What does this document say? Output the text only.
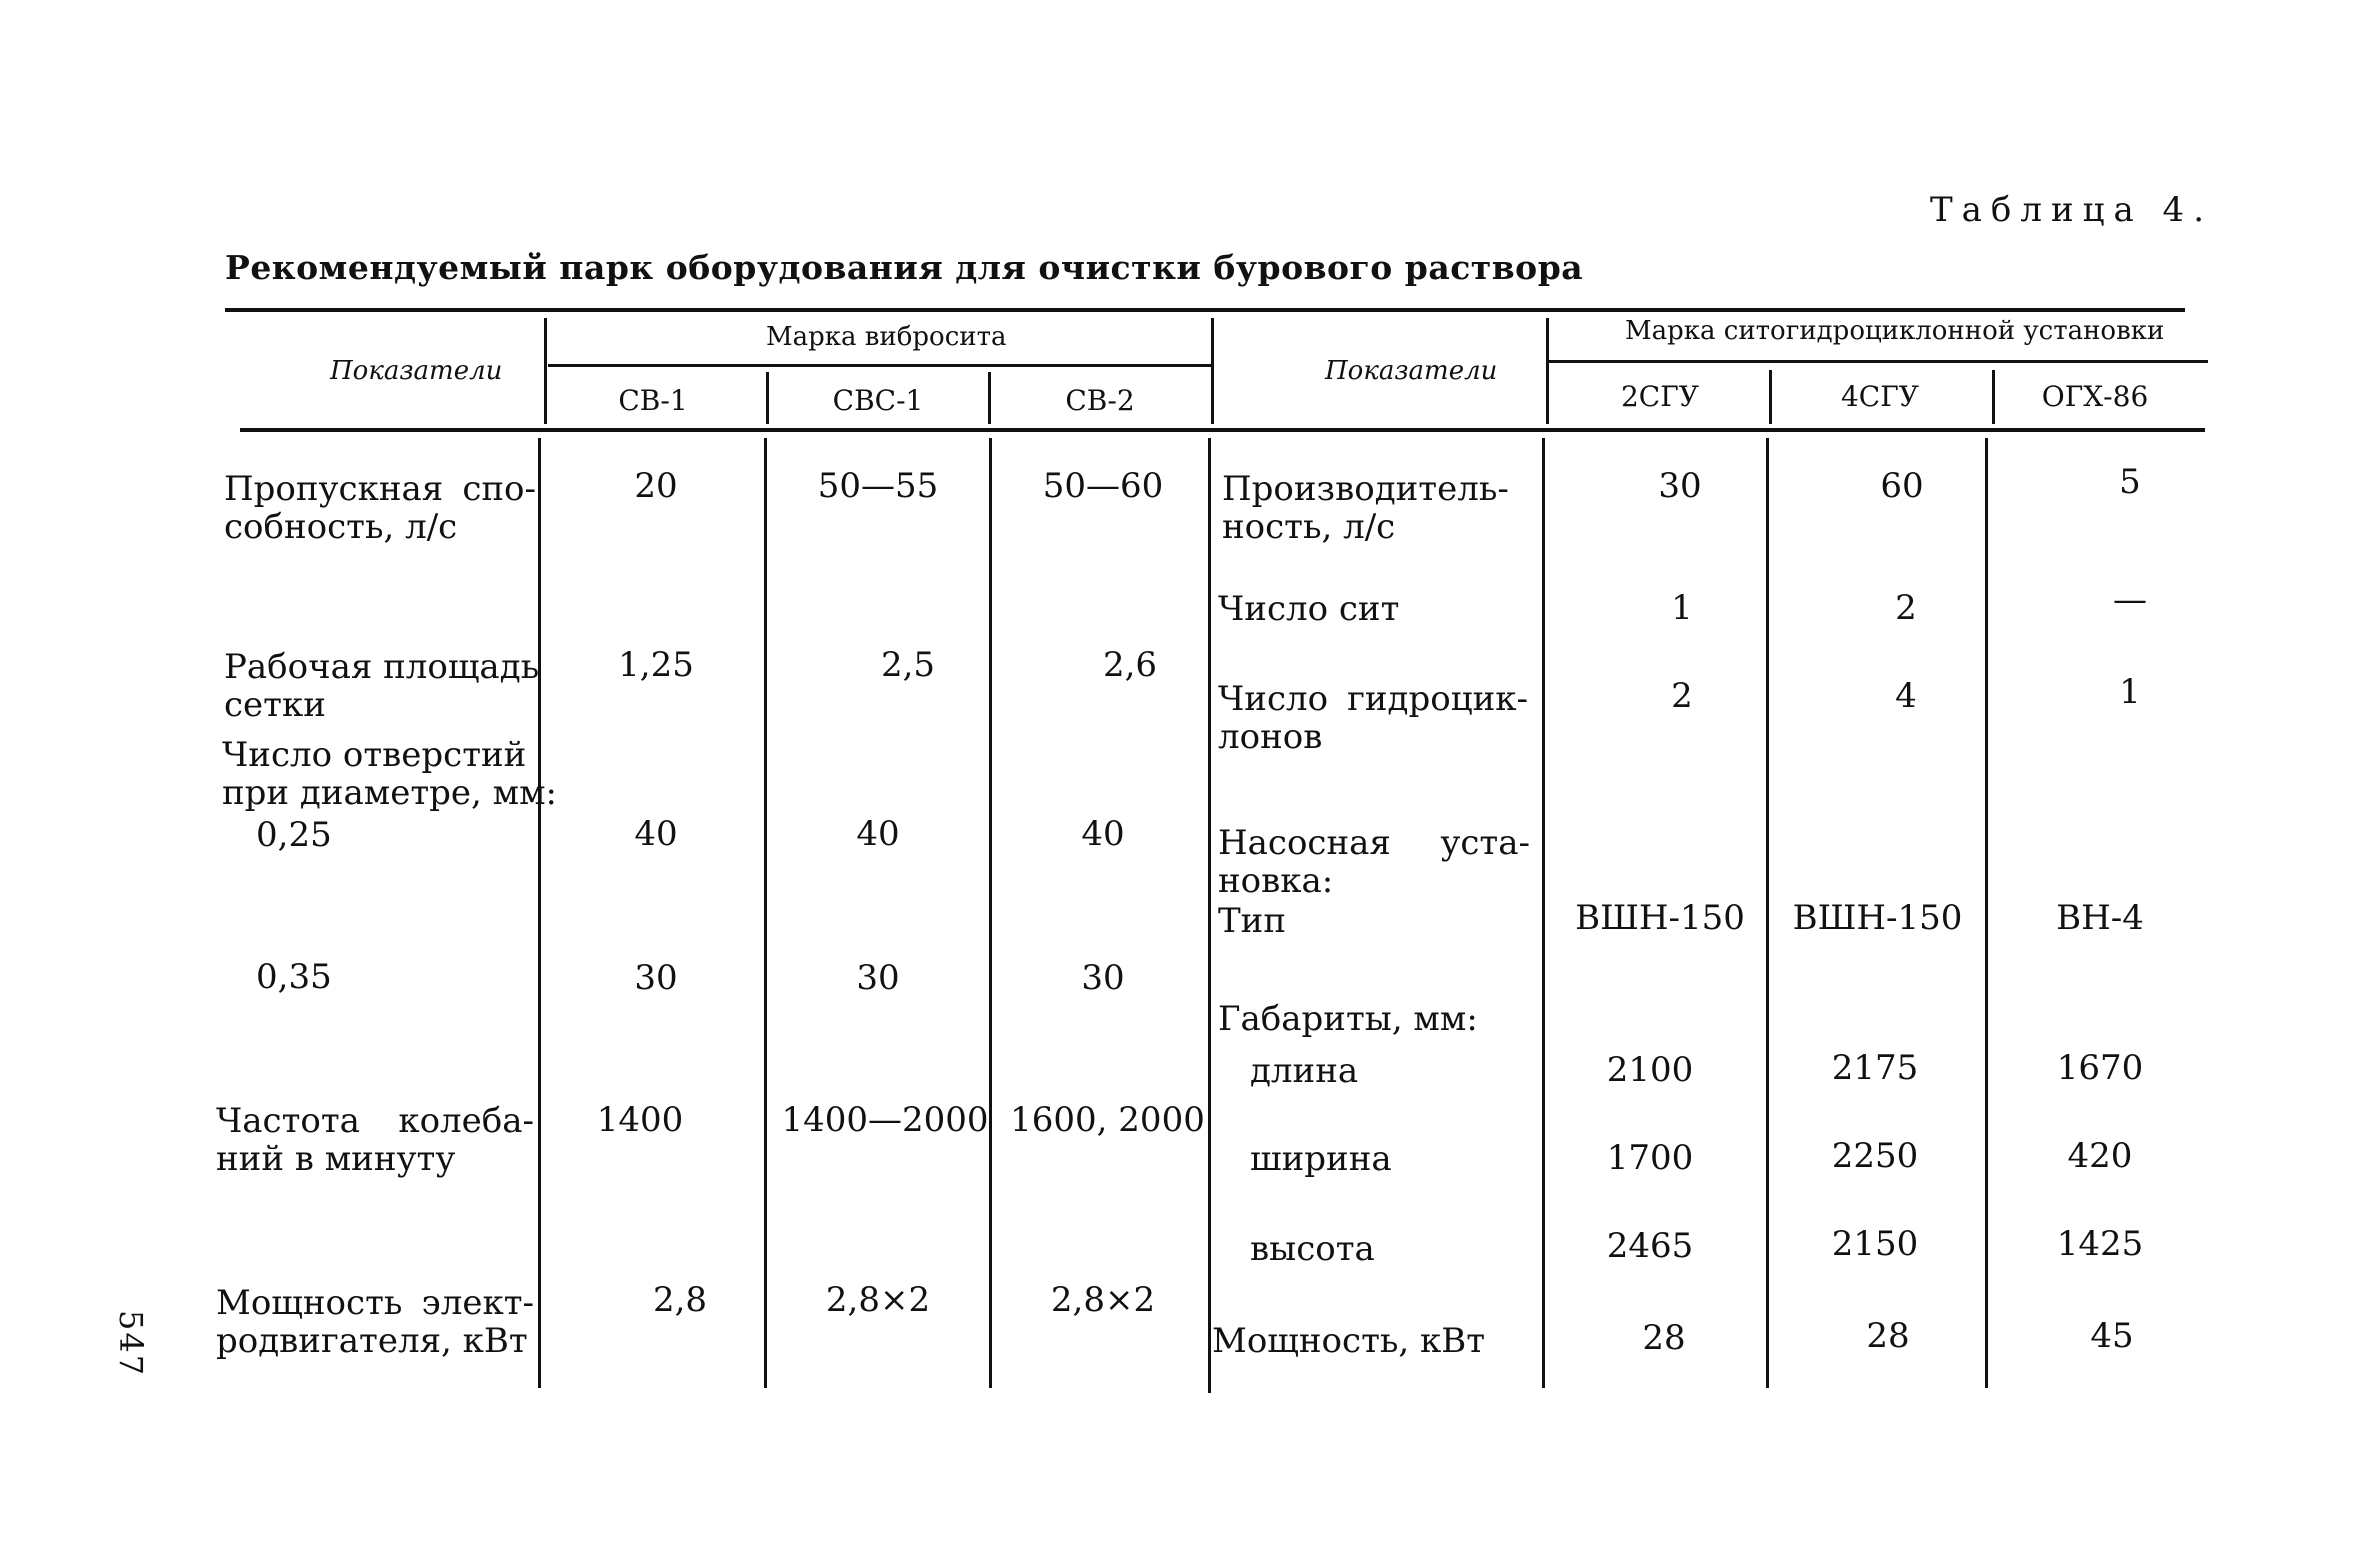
Таблица 4.
Рекомендуемый парк оборудования для очистки бурового раствора
Показатели
Марка вибросита
СВ-1	СВС-1	СВ-2
Показатели
Марка ситогидроциклонной установки
2СГУ	4СГУ	ОГХ-86
Пропускная спо-
собность, л/с
20	50—55	50—60
Рабочая площадь
сетки
1,25	2,5	2,6
Число отверстий
при диаметре, мм:
0,25	40	40	40
0,35	30	30	30
Частота колеба-
ний в минуту
1400	1400—2000 1600, 2000
Мощность элект-
родвигателя, кВт
2,8	2,8×2	2,8×2
Производитель-
ность, л/с
30	60	5
Число сит	1	2	—
Число гидроцик-
лонов
2	4	1
Насосная уста-
новка:
Тип	ВШН-150	ВШН-150	ВН-4
Габариты, мм:
длина	2100	2175	1670
ширина	1700	2250	420
высота	2465	2150	1425
Мощность, кВт	28	28	45
547
